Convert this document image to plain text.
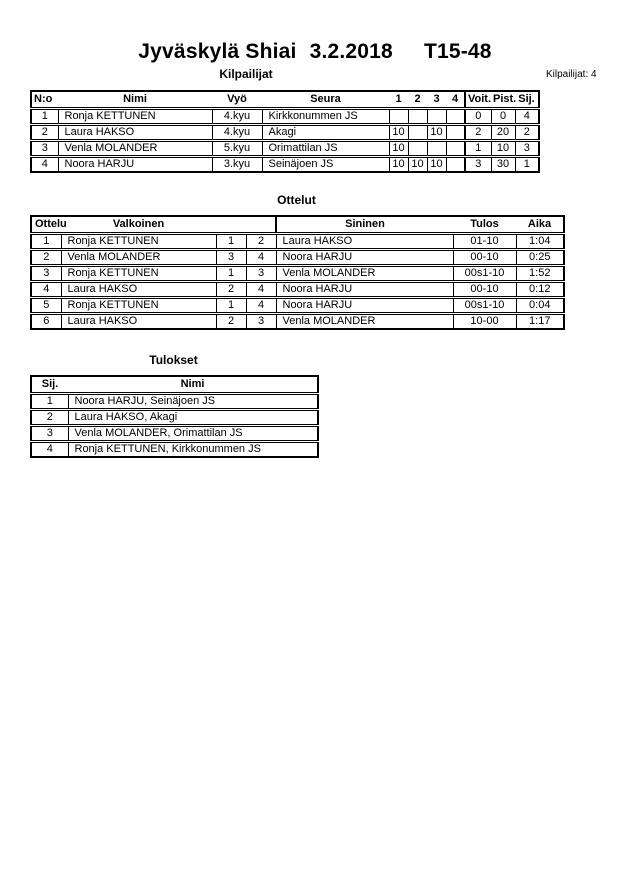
Jyväskylä Shiai 3.2.2018 T15-48
Kilpailijat	Kilpailijat: 4
N:o	Nimi	Vyö	Seura	1	2	3	4	Voit.	Pist.	Sij.
1	Ronja KETTUNEN	4.kyu	Kirkkonummen JS					0	0	4
2	Laura HAKSO	4.kyu	Akagi	10		10		2	20	2
3	Venla MOLANDER	5.kyu	Orimattilan JS	10				1	10	3
4	Noora HARJU	3.kyu	Seinäjoen JS	10	10	10		3	30	1
Ottelut
Ottelu	Valkoinen			Sininen	Tulos	Aika
1	Ronja KETTUNEN	1	2	Laura HAKSO	01-10	1:04
2	Venla MOLANDER	3	4	Noora HARJU	00-10	0:25
3	Ronja KETTUNEN	1	3	Venla MOLANDER	00s1-10	1:52
4	Laura HAKSO	2	4	Noora HARJU	00-10	0:12
5	Ronja KETTUNEN	1	4	Noora HARJU	00s1-10	0:04
6	Laura HAKSO	2	3	Venla MOLANDER	10-00	1:17
Tulokset
Sij.	Nimi
1	Noora HARJU, Seinäjoen JS
2	Laura HAKSO, Akagi
3	Venla MOLANDER, Orimattilan JS
4	Ronja KETTUNEN, Kirkkonummen JS
